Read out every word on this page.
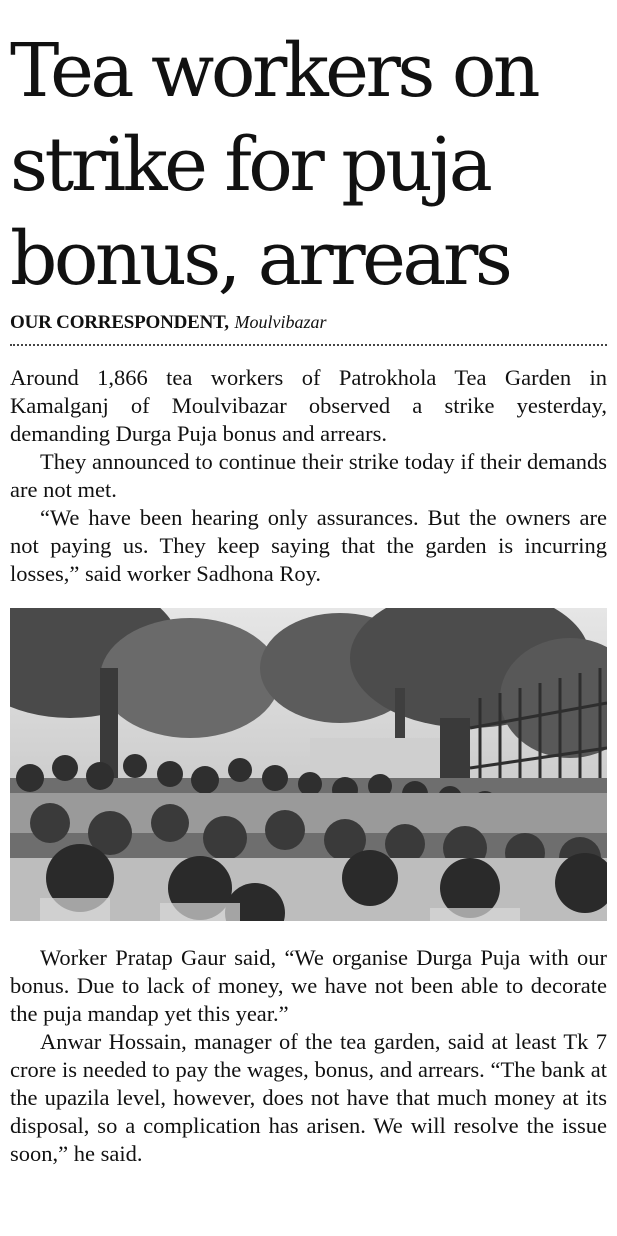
Tea workers on
strike for puja
bonus, arrears
OUR CORRESPONDENT, Moulvibazar

Around 1,866 tea workers of Patrokhola Tea Garden in Kamalganj of Moulvibazar observed a strike yesterday, demanding Durga Puja bonus and arrears.

They announced to continue their strike today if their demands are not met.

“We have been hearing only assurances. But the owners are not paying us. They keep saying that the garden is incurring losses,” said worker Sadhona Roy.

Worker Pratap Gaur said, “We organise Durga Puja with our bonus. Due to lack of money, we have not been able to decorate the puja mandap yet this year.”

Anwar Hossain, manager of the tea garden, said at least Tk 7 crore is needed to pay the wages, bonus, and arrears. “The bank at the upazila level, however, does not have that much money at its disposal, so a complication has arisen. We will resolve the issue soon,” he said.
